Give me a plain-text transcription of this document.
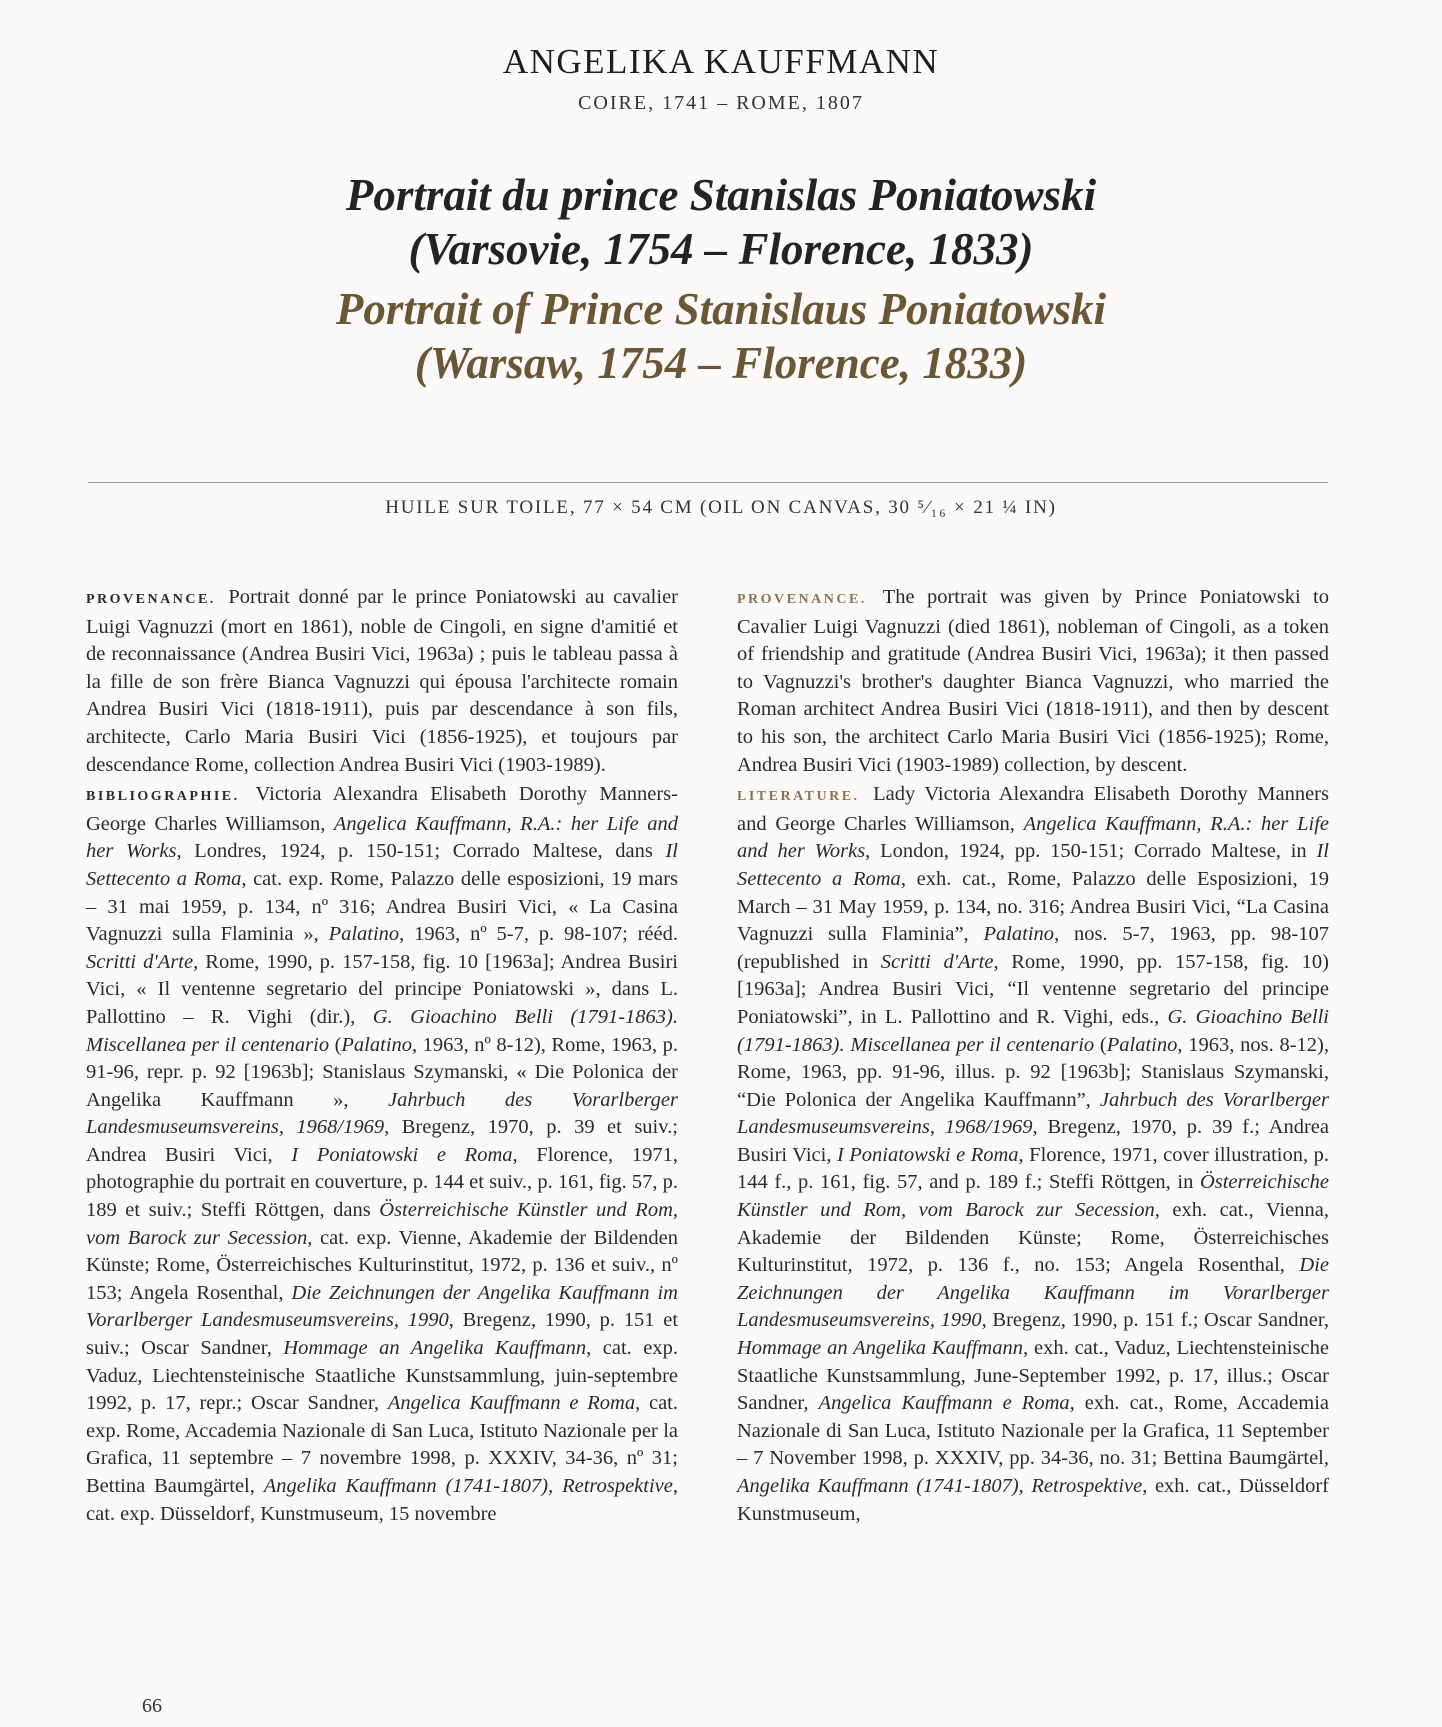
ANGELIKA KAUFFMANN
COIRE, 1741 – ROME, 1807
Portrait du prince Stanislas Poniatowski
(Varsovie, 1754 – Florence, 1833)
Portrait of Prince Stanislaus Poniatowski
(Warsaw, 1754 – Florence, 1833)
HUILE SUR TOILE, 77 × 54 CM (OIL ON CANVAS, 30 ⁵⁄₁₆ × 21 ¼ IN)

PROVENANCE. Portrait donné par le prince Poniatowski au cavalier Luigi Vagnuzzi (mort en 1861), noble de Cingoli, en signe d'amitié et de reconnaissance (Andrea Busiri Vici, 1963a) ; puis le tableau passa à la fille de son frère Bianca Vagnuzzi qui épousa l'architecte romain Andrea Busiri Vici (1818-1911), puis par descendance à son fils, architecte, Carlo Maria Busiri Vici (1856-1925), et toujours par descendance Rome, collection Andrea Busiri Vici (1903-1989).

BIBLIOGRAPHIE. Victoria Alexandra Elisabeth Dorothy Manners-George Charles Williamson, Angelica Kauffmann, R.A.: her Life and her Works, Londres, 1924, p. 150-151; Corrado Maltese, dans Il Settecento a Roma, cat. exp. Rome, Palazzo delle esposizioni, 19 mars – 31 mai 1959, p. 134, nº 316; Andrea Busiri Vici, « La Casina Vagnuzzi sulla Flaminia », Palatino, 1963, nº 5-7, p. 98-107; rééd. Scritti d'Arte, Rome, 1990, p. 157-158, fig. 10 [1963a]; Andrea Busiri Vici, « Il ventenne segretario del principe Poniatowski », dans L. Pallottino – R. Vighi (dir.), G. Gioachino Belli (1791-1863). Miscellanea per il centenario (Palatino, 1963, nº 8-12), Rome, 1963, p. 91-96, repr. p. 92 [1963b]; Stanislaus Szymanski, « Die Polonica der Angelika Kauffmann », Jahrbuch des Vorarlberger Landesmuseumsvereins, 1968/1969, Bregenz, 1970, p. 39 et suiv.; Andrea Busiri Vici, I Poniatowski e Roma, Florence, 1971, photographie du portrait en couverture, p. 144 et suiv., p. 161, fig. 57, p. 189 et suiv.; Steffi Röttgen, dans Österreichische Künstler und Rom, vom Barock zur Secession, cat. exp. Vienne, Akademie der Bildenden Künste; Rome, Österreichisches Kulturinstitut, 1972, p. 136 et suiv., nº 153; Angela Rosenthal, Die Zeichnungen der Angelika Kauffmann im Vorarlberger Landesmuseumsvereins, 1990, Bregenz, 1990, p. 151 et suiv.; Oscar Sandner, Hommage an Angelika Kauffmann, cat. exp. Vaduz, Liechtensteinische Staatliche Kunstsammlung, juin-septembre 1992, p. 17, repr.; Oscar Sandner, Angelica Kauffmann e Roma, cat. exp. Rome, Accademia Nazionale di San Luca, Istituto Nazionale per la Grafica, 11 septembre – 7 novembre 1998, p. XXXIV, 34-36, nº 31; Bettina Baumgärtel, Angelika Kauffmann (1741-1807), Retrospektive, cat. exp. Düsseldorf, Kunstmuseum, 15 novembre

PROVENANCE. The portrait was given by Prince Poniatowski to Cavalier Luigi Vagnuzzi (died 1861), nobleman of Cingoli, as a token of friendship and gratitude (Andrea Busiri Vici, 1963a); it then passed to Vagnuzzi's brother's daughter Bianca Vagnuzzi, who married the Roman architect Andrea Busiri Vici (1818-1911), and then by descent to his son, the architect Carlo Maria Busiri Vici (1856-1925); Rome, Andrea Busiri Vici (1903-1989) collection, by descent.

LITERATURE. Lady Victoria Alexandra Elisabeth Dorothy Manners and George Charles Williamson, Angelica Kauffmann, R.A.: her Life and her Works, London, 1924, pp. 150-151; Corrado Maltese, in Il Settecento a Roma, exh. cat., Rome, Palazzo delle Esposizioni, 19 March – 31 May 1959, p. 134, no. 316; Andrea Busiri Vici, “La Casina Vagnuzzi sulla Flaminia”, Palatino, nos. 5-7, 1963, pp. 98-107 (republished in Scritti d'Arte, Rome, 1990, pp. 157-158, fig. 10) [1963a]; Andrea Busiri Vici, “Il ventenne segretario del principe Poniatowski”, in L. Pallottino and R. Vighi, eds., G. Gioachino Belli (1791-1863). Miscellanea per il centenario (Palatino, 1963, nos. 8-12), Rome, 1963, pp. 91-96, illus. p. 92 [1963b]; Stanislaus Szymanski, “Die Polonica der Angelika Kauffmann”, Jahrbuch des Vorarlberger Landesmuseumsvereins, 1968/1969, Bregenz, 1970, p. 39 f.; Andrea Busiri Vici, I Poniatowski e Roma, Florence, 1971, cover illustration, p. 144 f., p. 161, fig. 57, and p. 189 f.; Steffi Röttgen, in Österreichische Künstler und Rom, vom Barock zur Secession, exh. cat., Vienna, Akademie der Bildenden Künste; Rome, Österreichisches Kulturinstitut, 1972, p. 136 f., no. 153; Angela Rosenthal, Die Zeichnungen der Angelika Kauffmann im Vorarlberger Landesmuseumsvereins, 1990, Bregenz, 1990, p. 151 f.; Oscar Sandner, Hommage an Angelika Kauffmann, exh. cat., Vaduz, Liechtensteinische Staatliche Kunstsammlung, June-September 1992, p. 17, illus.; Oscar Sandner, Angelica Kauffmann e Roma, exh. cat., Rome, Accademia Nazionale di San Luca, Istituto Nazionale per la Grafica, 11 September – 7 November 1998, p. XXXIV, pp. 34-36, no. 31; Bettina Baumgärtel, Angelika Kauffmann (1741-1807), Retrospektive, exh. cat., Düsseldorf Kunstmuseum,

66
